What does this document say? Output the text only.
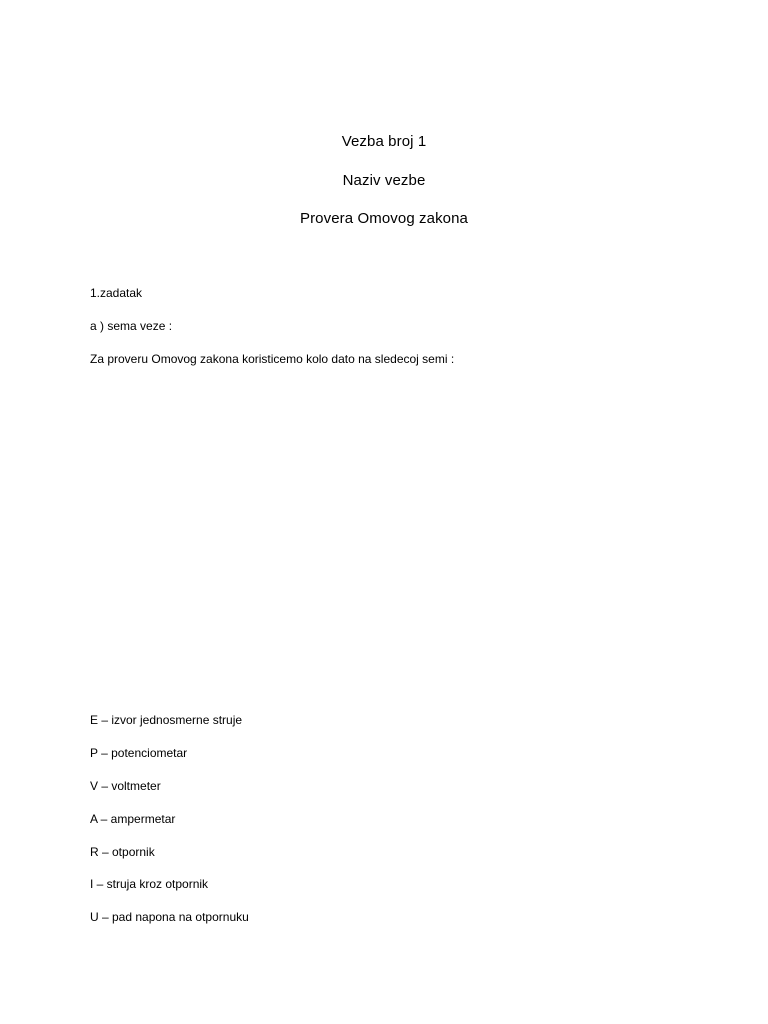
Vezba broj 1
Naziv vezbe
Provera Omovog zakona
1.zadatak
a ) sema veze :
Za proveru Omovog zakona koristicemo kolo dato na sledecoj semi :
E – izvor jednosmerne struje
P – potenciometar
V – voltmeter
A – ampermetar
R – otpornik
I – struja kroz otpornik
U – pad napona na otpornuku
